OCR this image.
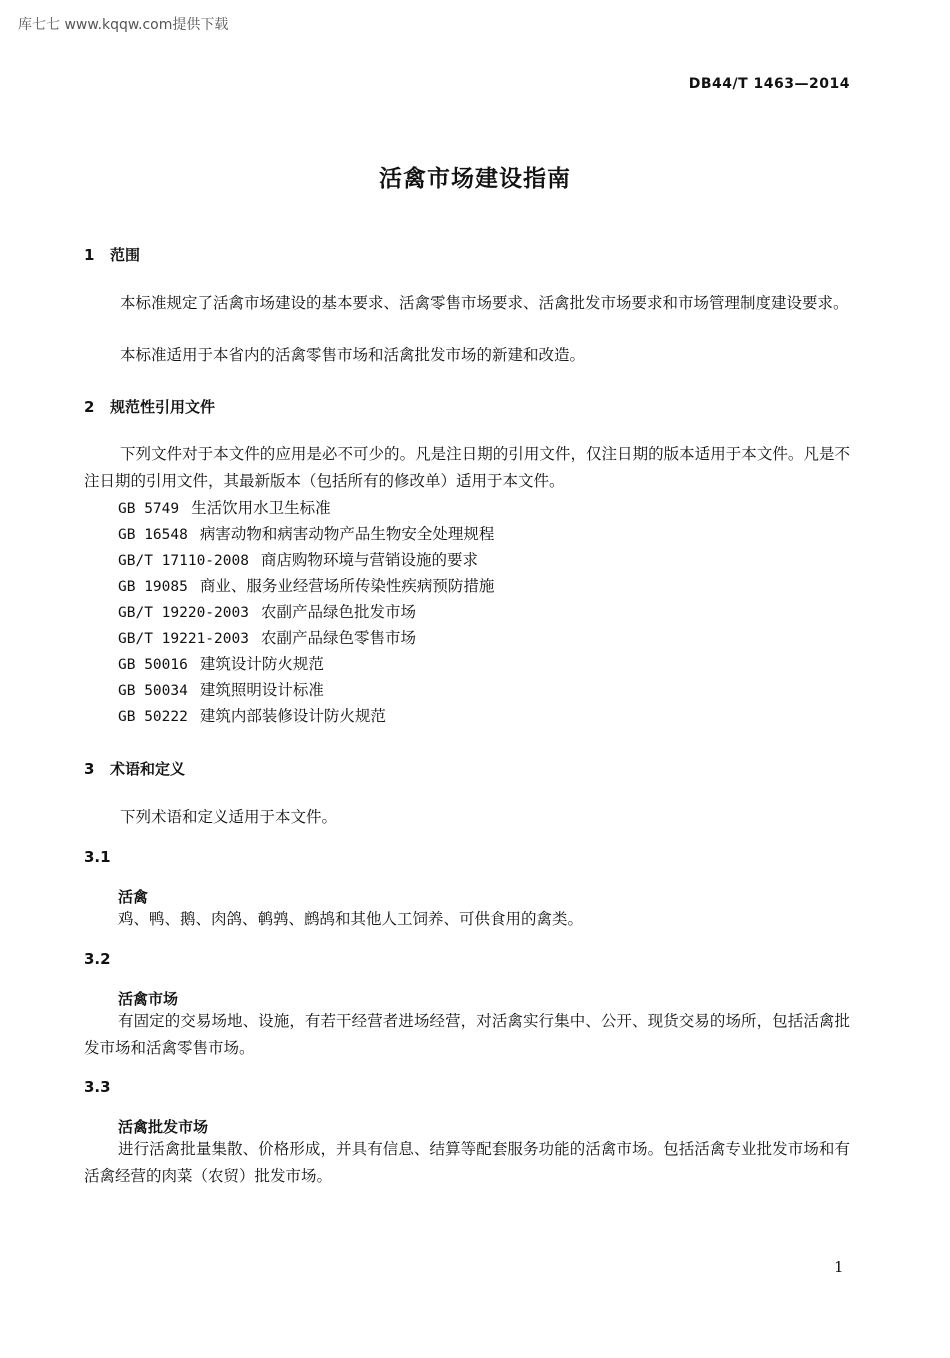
库七七 www.kqqw.com提供下载
DB44/T 1463—2014
活禽市场建设指南
1 范围
本标准规定了活禽市场建设的基本要求、活禽零售市场要求、活禽批发市场要求和市场管理制度建设要求。
本标准适用于本省内的活禽零售市场和活禽批发市场的新建和改造。
2 规范性引用文件
下列文件对于本文件的应用是必不可少的。凡是注日期的引用文件，仅注日期的版本适用于本文件。凡是不注日期的引用文件，其最新版本（包括所有的修改单）适用于本文件。
GB 5749 生活饮用水卫生标准
GB 16548 病害动物和病害动物产品生物安全处理规程
GB/T 17110-2008 商店购物环境与营销设施的要求
GB 19085 商业、服务业经营场所传染性疾病预防措施
GB/T 19220-2003 农副产品绿色批发市场
GB/T 19221-2003 农副产品绿色零售市场
GB 50016 建筑设计防火规范
GB 50034 建筑照明设计标准
GB 50222 建筑内部装修设计防火规范
3 术语和定义
下列术语和定义适用于本文件。
3.1
活禽
鸡、鸭、鹅、肉鸽、鹌鹑、鹧鸪和其他人工饲养、可供食用的禽类。
3.2
活禽市场
有固定的交易场地、设施，有若干经营者进场经营，对活禽实行集中、公开、现货交易的场所，包括活禽批发市场和活禽零售市场。
3.3
活禽批发市场
进行活禽批量集散、价格形成，并具有信息、结算等配套服务功能的活禽市场。包括活禽专业批发市场和有活禽经营的肉菜（农贸）批发市场。
1
